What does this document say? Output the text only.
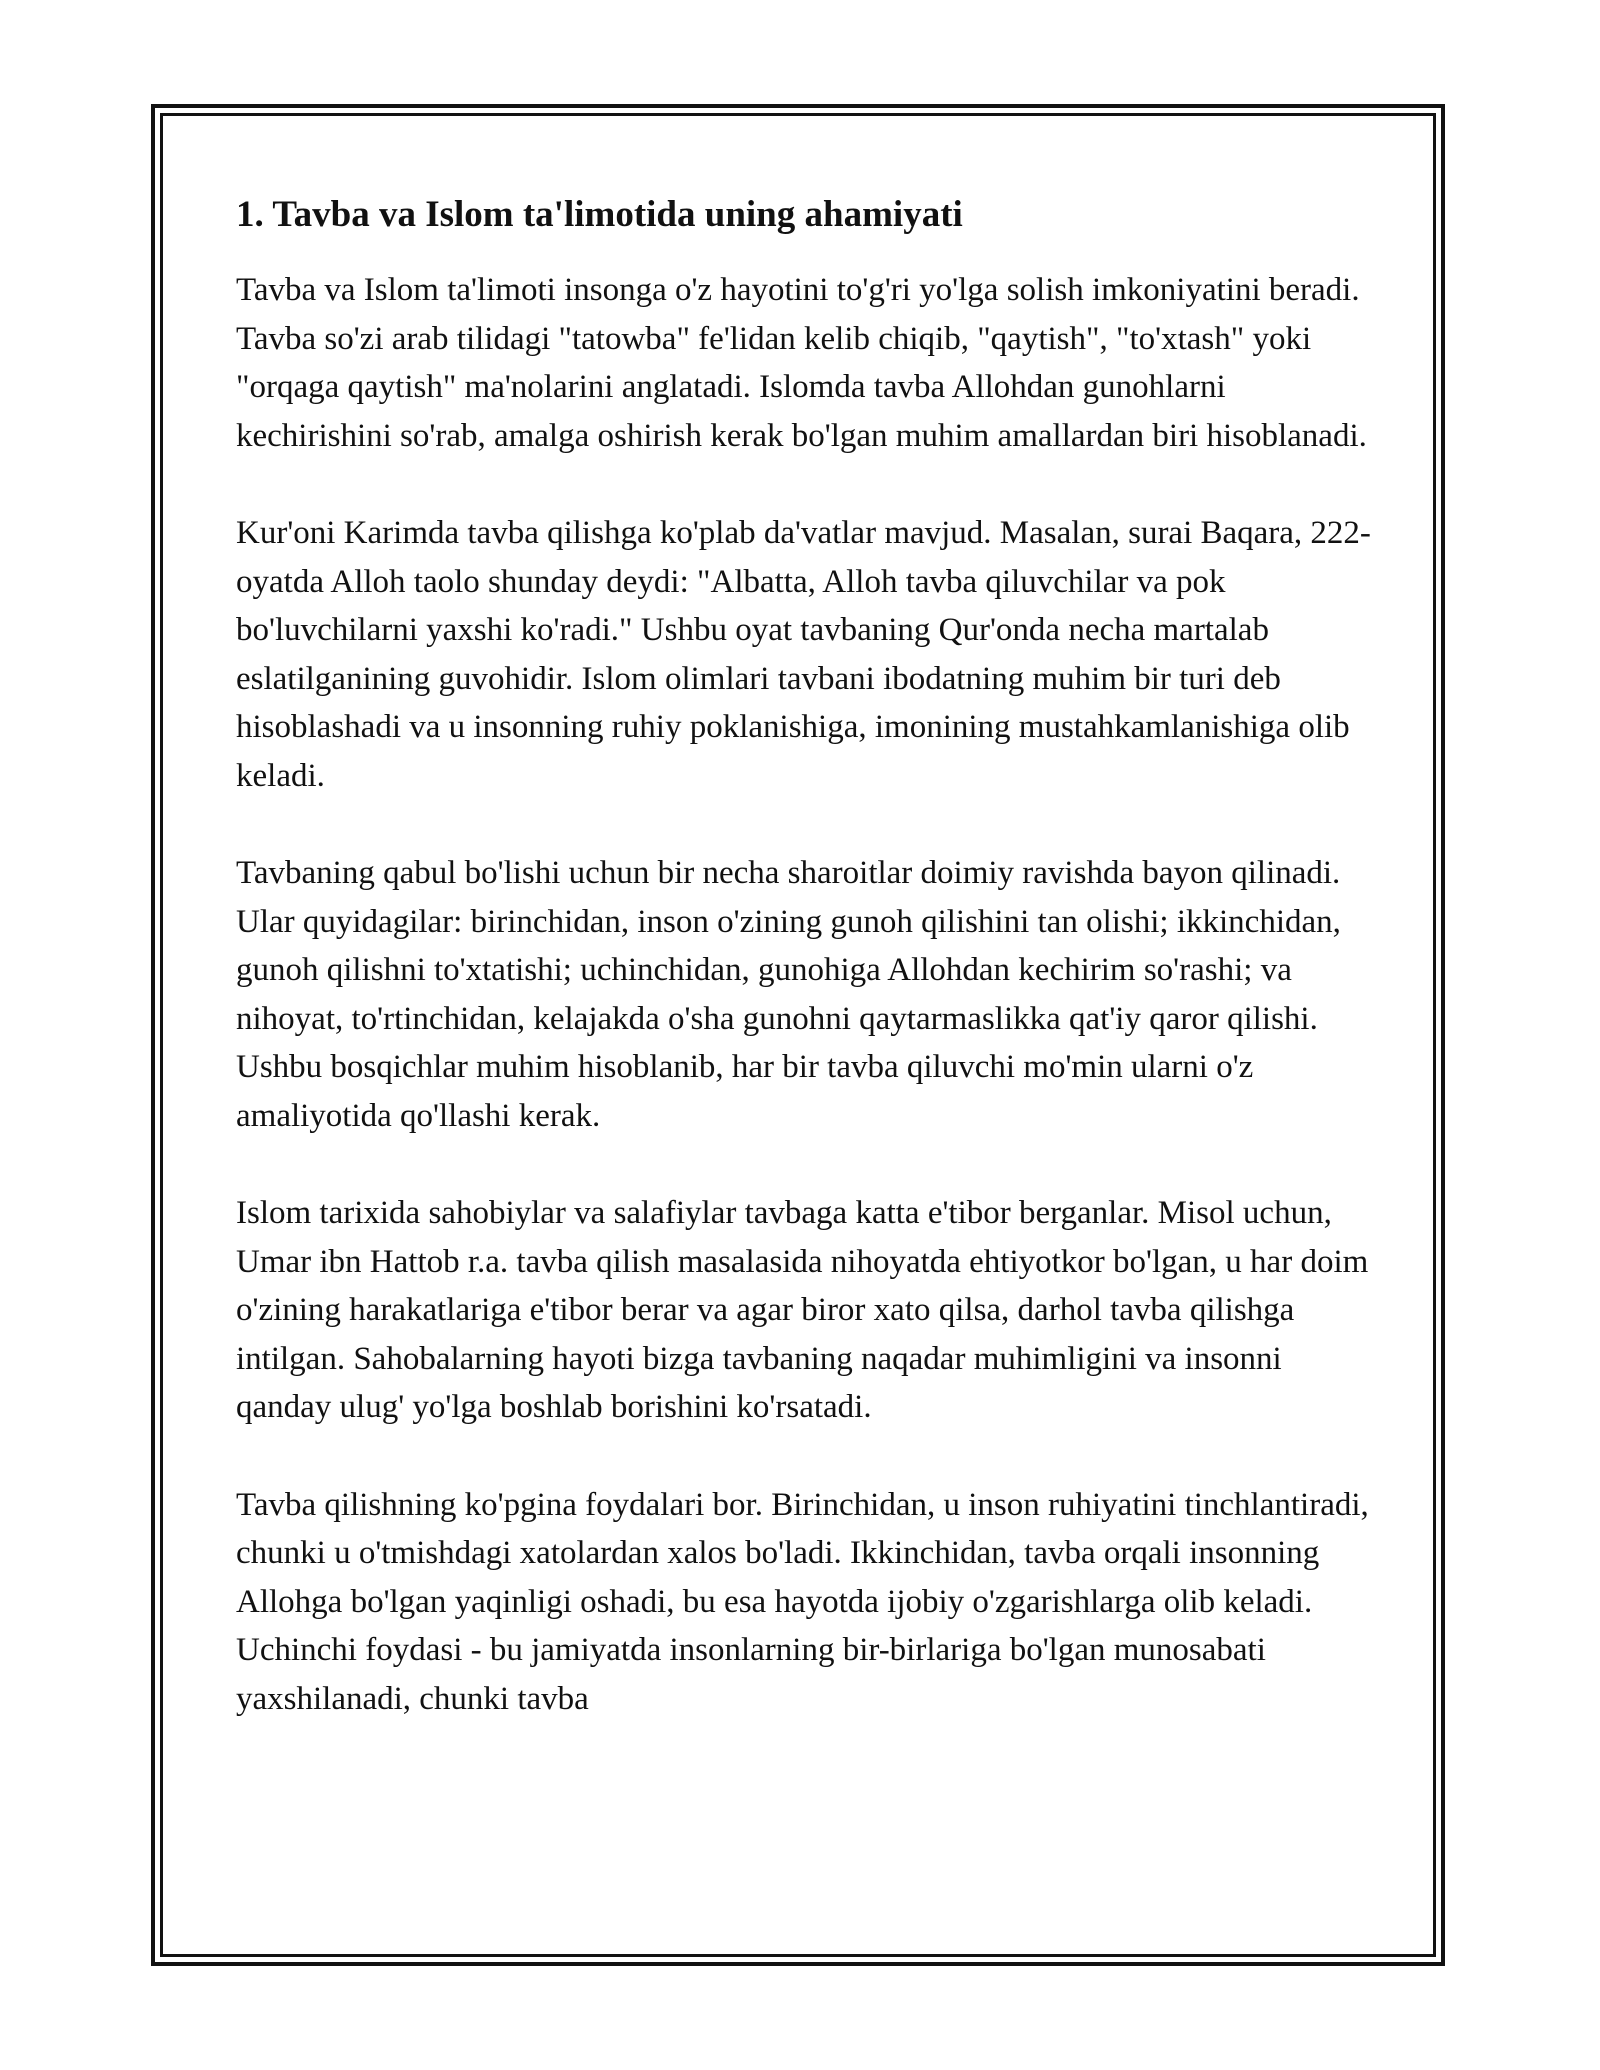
1. Tavba va Islom ta'limotida uning ahamiyati

Tavba va Islom ta'limoti insonga o'z hayotini to'g'ri yo'lga solish imkoniyatini beradi. Tavba so'zi arab tilidagi "tatowba" fe'lidan kelib chiqib, "qaytish", "to'xtash" yoki "orqaga qaytish" ma'nolarini anglatadi. Islomda tavba Allohdan gunohlarni kechirishini so'rab, amalga oshirish kerak bo'lgan muhim amallardan biri hisoblanadi.

Kur'oni Karimda tavba qilishga ko'plab da'vatlar mavjud. Masalan, surai Baqara, 222-oyatda Alloh taolo shunday deydi: "Albatta, Alloh tavba qiluvchilar va pok bo'luvchilarni yaxshi ko'radi." Ushbu oyat tavbaning Qur'onda necha martalab eslatilganining guvohidir. Islom olimlari tavbani ibodatning muhim bir turi deb hisoblashadi va u insonning ruhiy poklanishiga, imonining mustahkamlanishiga olib keladi.

Tavbaning qabul bo'lishi uchun bir necha sharoitlar doimiy ravishda bayon qilinadi. Ular quyidagilar: birinchidan, inson o'zining gunoh qilishini tan olishi; ikkinchidan, gunoh qilishni to'xtatishi; uchinchidan, gunohiga Allohdan kechirim so'rashi; va nihoyat, to'rtinchidan, kelajakda o'sha gunohni qaytarmaslikka qat'iy qaror qilishi. Ushbu bosqichlar muhim hisoblanib, har bir tavba qiluvchi mo'min ularni o'z amaliyotida qo'llashi kerak.

Islom tarixida sahobiylar va salafiylar tavbaga katta e'tibor berganlar. Misol uchun, Umar ibn Hattob r.a. tavba qilish masalasida nihoyatda ehtiyotkor bo'lgan, u har doim o'zining harakatlariga e'tibor berar va agar biror xato qilsa, darhol tavba qilishga intilgan. Sahobalarning hayoti bizga tavbaning naqadar muhimligini va insonni qanday ulug' yo'lga boshlab borishini ko'rsatadi.

Tavba qilishning ko'pgina foydalari bor. Birinchidan, u inson ruhiyatini tinchlantiradi, chunki u o'tmishdagi xatolardan xalos bo'ladi. Ikkinchidan, tavba orqali insonning Allohga bo'lgan yaqinligi oshadi, bu esa hayotda ijobiy o'zgarishlarga olib keladi. Uchinchi foydasi - bu jamiyatda insonlarning bir-birlariga bo'lgan munosabati yaxshilanadi, chunki tavba
